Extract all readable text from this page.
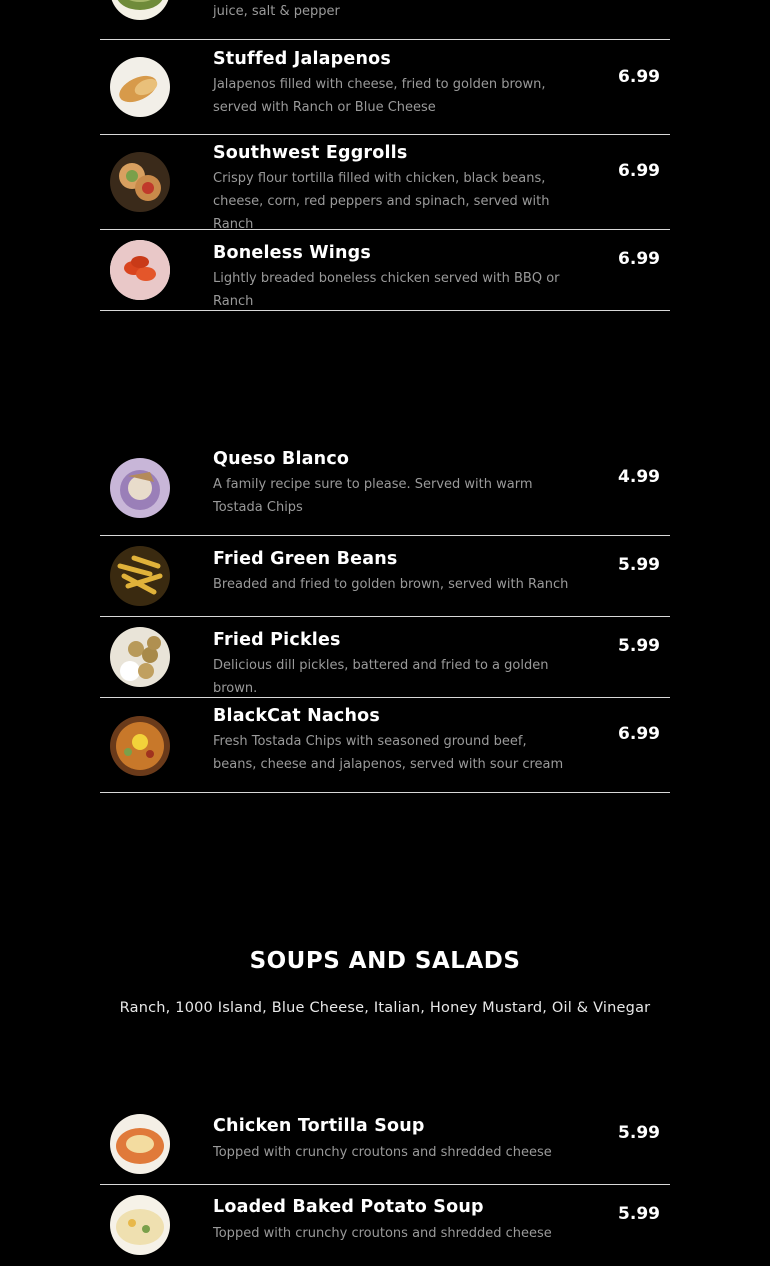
juice, salt & pepper
Stuffed Jalapenos
Jalapenos filled with cheese, fried to golden brown, served with Ranch or Blue Cheese
6.99
Southwest Eggrolls
Crispy flour tortilla filled with chicken, black beans, cheese, corn, red peppers and spinach, served with Ranch
6.99
Boneless Wings
Lightly breaded boneless chicken served with BBQ or Ranch
6.99
Queso Blanco
A family recipe sure to please. Served with warm Tostada Chips
4.99
Fried Green Beans
Breaded and fried to golden brown, served with Ranch
5.99
Fried Pickles
Delicious dill pickles, battered and fried to a golden brown.
5.99
BlackCat Nachos
Fresh Tostada Chips with seasoned ground beef, beans, cheese and jalapenos, served with sour cream
6.99
Chicken Tortilla Soup
Topped with crunchy croutons and shredded cheese
5.99
Loaded Baked Potato Soup
Topped with crunchy croutons and shredded cheese
5.99
SOUPS AND SALADS
Ranch, 1000 Island, Blue Cheese, Italian, Honey Mustard, Oil & Vinegar
